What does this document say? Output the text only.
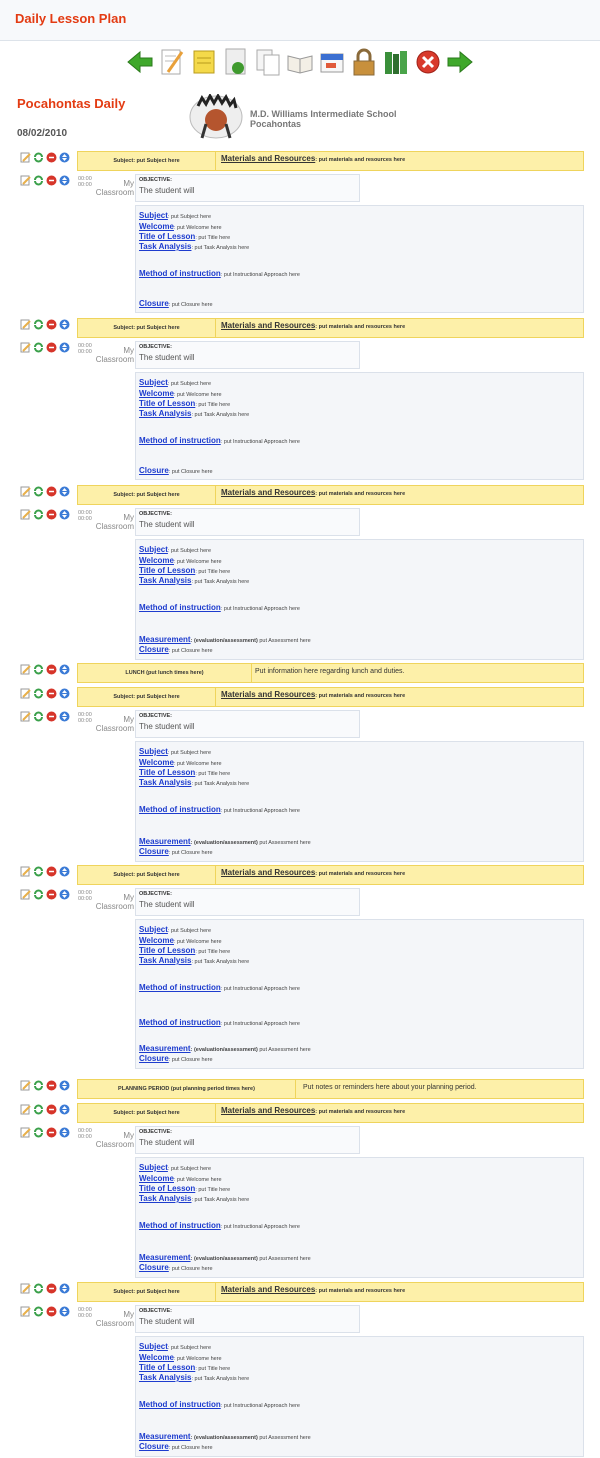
Daily Lesson Plan
Pocahontas Daily
08/02/2010
M.D. Williams Intermediate School
Pocahontas
Subject: put Subject here	Materials and Resources: put materials and resources here
00:00
00:00	My
Classroom
OBJECTIVE:
The student will
Subject: put Subject here
Welcome: put Welcome here
Title of Lesson: put Title here
Task Analysis: put Task Analysis here
Method of instruction: put Instructional Approach here
Closure: put Closure here
Subject: put Subject here	Materials and Resources: put materials and resources here
00:00
00:00	My
Classroom
OBJECTIVE:
The student will
Subject: put Subject here
Welcome: put Welcome here
Title of Lesson: put Title here
Task Analysis: put Task Analysis here
Method of instruction: put Instructional Approach here
Closure: put Closure here
Subject: put Subject here	Materials and Resources: put materials and resources here
00:00
00:00	My
Classroom
OBJECTIVE:
The student will
Subject: put Subject here
Welcome: put Welcome here
Title of Lesson: put Title here
Task Analysis: put Task Analysis here
Method of instruction: put Instructional Approach here
Measurement: (evaluation/assessment) put Assessment here
Closure: put Closure here
LUNCH (put lunch times here)	Put information here regarding lunch and duties.
Subject: put Subject here	Materials and Resources: put materials and resources here
00:00
00:00	My
Classroom
OBJECTIVE:
The student will
Subject: put Subject here
Welcome: put Welcome here
Title of Lesson: put Title here
Task Analysis: put Task Analysis here
Method of instruction: put Instructional Approach here
Measurement: (evaluation/assessment) put Assessment here
Closure: put Closure here
Subject: put Subject here	Materials and Resources: put materials and resources here
00:00
00:00	My
Classroom
OBJECTIVE:
The student will
Subject: put Subject here
Welcome: put Welcome here
Title of Lesson: put Title here
Task Analysis: put Task Analysis here
Method of instruction: put Instructional Approach here
Method of instruction: put Instructional Approach here
Measurement: (evaluation/assessment) put Assessment here
Closure: put Closure here
PLANNING PERIOD (put planning period times here)	Put notes or reminders here about your planning period.
Subject: put Subject here	Materials and Resources: put materials and resources here
00:00
00:00	My
Classroom
OBJECTIVE:
The student will
Subject: put Subject here
Welcome: put Welcome here
Title of Lesson: put Title here
Task Analysis: put Task Analysis here
Method of instruction: put Instructional Approach here
Measurement: (evaluation/assessment) put Assessment here
Closure: put Closure here
Subject: put Subject here	Materials and Resources: put materials and resources here
00:00
00:00	My
Classroom
OBJECTIVE:
The student will
Subject: put Subject here
Welcome: put Welcome here
Title of Lesson: put Title here
Task Analysis: put Task Analysis here
Method of instruction: put Instructional Approach here
Measurement: (evaluation/assessment) put Assessment here
Closure: put Closure here
